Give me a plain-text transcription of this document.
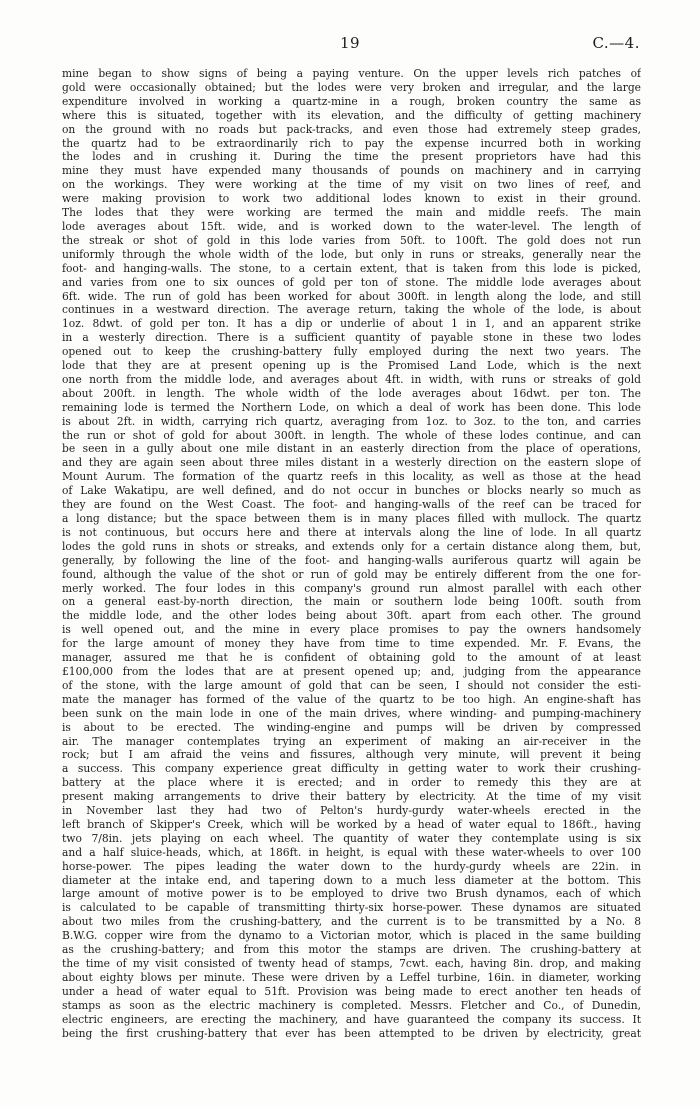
19	C.—4.
mine began to show signs of being a paying venture. On the upper levels rich patches of
gold were occasionally obtained; but the lodes were very broken and irregular, and the large
expenditure involved in working a quartz-mine in a rough, broken country the same as
where this is situated, together with its elevation, and the difficulty of getting machinery
on the ground with no roads but pack-tracks, and even those had extremely steep grades,
the quartz had to be extraordinarily rich to pay the expense incurred both in working
the lodes and in crushing it. During the time the present proprietors have had this
mine they must have expended many thousands of pounds on machinery and in carrying
on the workings. They were working at the time of my visit on two lines of reef, and
were making provision to work two additional lodes known to exist in their ground.
The lodes that they were working are termed the main and middle reefs. The main
lode averages about 15ft. wide, and is worked down to the water-level. The length of
the streak or shot of gold in this lode varies from 50ft. to 100ft. The gold does not run
uniformly through the whole width of the lode, but only in runs or streaks, generally near the
foot- and hanging-walls. The stone, to a certain extent, that is taken from this lode is picked,
and varies from one to six ounces of gold per ton of stone. The middle lode averages about
6ft. wide. The run of gold has been worked for about 300ft. in length along the lode, and still
continues in a westward direction. The average return, taking the whole of the lode, is about
1oz. 8dwt. of gold per ton. It has a dip or underlie of about 1 in 1, and an apparent strike
in a westerly direction. There is a sufficient quantity of payable stone in these two lodes
opened out to keep the crushing-battery fully employed during the next two years. The
lode that they are at present opening up is the Promised Land Lode, which is the next
one north from the middle lode, and averages about 4ft. in width, with runs or streaks of gold
about 200ft. in length. The whole width of the lode averages about 16dwt. per ton. The
remaining lode is termed the Northern Lode, on which a deal of work has been done. This lode
is about 2ft. in width, carrying rich quartz, averaging from 1oz. to 3oz. to the ton, and carries
the run or shot of gold for about 300ft. in length. The whole of these lodes continue, and can
be seen in a gully about one mile distant in an easterly direction from the place of operations,
and they are again seen about three miles distant in a westerly direction on the eastern slope of
Mount Aurum. The formation of the quartz reefs in this locality, as well as those at the head
of Lake Wakatipu, are well defined, and do not occur in bunches or blocks nearly so much as
they are found on the West Coast. The foot- and hanging-walls of the reef can be traced for
a long distance; but the space between them is in many places filled with mullock. The quartz
is not continuous, but occurs here and there at intervals along the line of lode. In all quartz
lodes the gold runs in shots or streaks, and extends only for a certain distance along them, but,
generally, by following the line of the foot- and hanging-walls auriferous quartz will again be
found, although the value of the shot or run of gold may be entirely different from the one for-
merly worked. The four lodes in this company's ground run almost parallel with each other
on a general east-by-north direction, the main or southern lode being 100ft. south from
the middle lode, and the other lodes being about 30ft. apart from each other. The ground
is well opened out, and the mine in every place promises to pay the owners handsomely
for the large amount of money they have from time to time expended. Mr. F. Evans, the
manager, assured me that he is confident of obtaining gold to the amount of at least
£100,000 from the lodes that are at present opened up; and, judging from the appearance
of the stone, with the large amount of gold that can be seen, I should not consider the esti-
mate the manager has formed of the value of the quartz to be too high. An engine-shaft has
been sunk on the main lode in one of the main drives, where winding- and pumping-machinery
is about to be erected. The winding-engine and pumps will be driven by compressed
air. The manager contemplates trying an experiment of making an air-receiver in the
rock; but I am afraid the veins and fissures, although very minute, will prevent it being
a success. This company experience great difficulty in getting water to work their crushing-
battery at the place where it is erected; and in order to remedy this they are at
present making arrangements to drive their battery by electricity. At the time of my visit
in November last they had two of Pelton's hurdy-gurdy water-wheels erected in the
left branch of Skipper's Creek, which will be worked by a head of water equal to 186ft., having
two 7/8in. jets playing on each wheel. The quantity of water they contemplate using is six
and a half sluice-heads, which, at 186ft. in height, is equal with these water-wheels to over 100
horse-power. The pipes leading the water down to the hurdy-gurdy wheels are 22in. in
diameter at the intake end, and tapering down to a much less diameter at the bottom. This
large amount of motive power is to be employed to drive two Brush dynamos, each of which
is calculated to be capable of transmitting thirty-six horse-power. These dynamos are situated
about two miles from the crushing-battery, and the current is to be transmitted by a No. 8
B.W.G. copper wire from the dynamo to a Victorian motor, which is placed in the same building
as the crushing-battery; and from this motor the stamps are driven. The crushing-battery at
the time of my visit consisted of twenty head of stamps, 7cwt. each, having 8in. drop, and making
about eighty blows per minute. These were driven by a Leffel turbine, 16in. in diameter, working
under a head of water equal to 51ft. Provision was being made to erect another ten heads of
stamps as soon as the electric machinery is completed. Messrs. Fletcher and Co., of Dunedin,
electric engineers, are erecting the machinery, and have guaranteed the company its success. It
being the first crushing-battery that ever has been attempted to be driven by electricity, great
